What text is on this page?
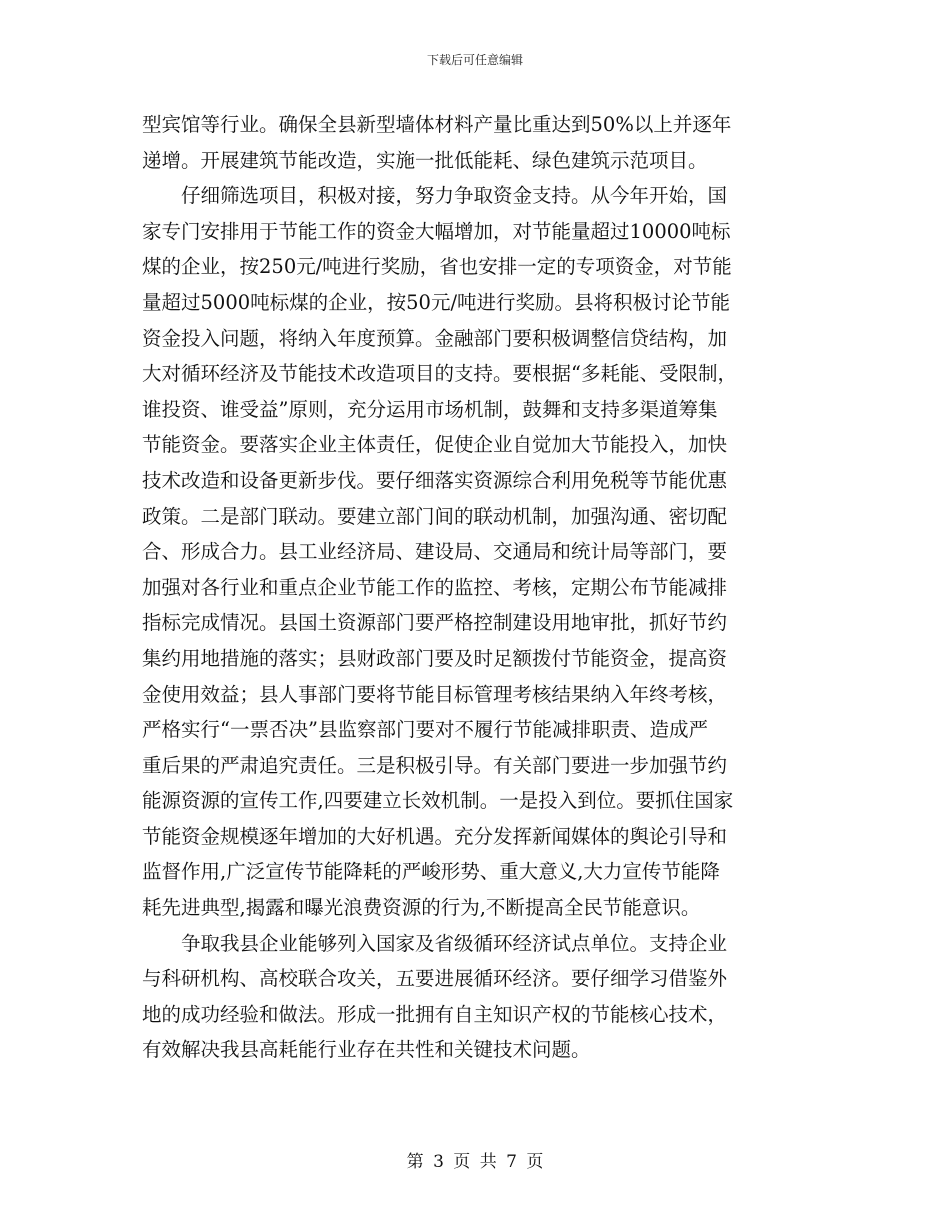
下载后可任意编辑
型宾馆等行业。确保全县新型墙体材料产量比重达到50%以上并逐年
递增。开展建筑节能改造，实施一批低能耗、绿色建筑示范项目。
仔细筛选项目，积极对接，努力争取资金支持。从今年开始，国
家专门安排用于节能工作的资金大幅增加，对节能量超过10000吨标
煤的企业，按250元/吨进行奖励，省也安排一定的专项资金，对节能
量超过5000吨标煤的企业，按50元/吨进行奖励。县将积极讨论节能
资金投入问题，将纳入年度预算。金融部门要积极调整信贷结构，加
大对循环经济及节能技术改造项目的支持。要根据“多耗能、受限制，
谁投资、谁受益”原则，充分运用市场机制，鼓舞和支持多渠道筹集
节能资金。要落实企业主体责任，促使企业自觉加大节能投入，加快
技术改造和设备更新步伐。要仔细落实资源综合利用免税等节能优惠
政策。二是部门联动。要建立部门间的联动机制，加强沟通、密切配
合、形成合力。县工业经济局、建设局、交通局和统计局等部门，要
加强对各行业和重点企业节能工作的监控、考核，定期公布节能减排
指标完成情况。县国土资源部门要严格控制建设用地审批，抓好节约
集约用地措施的落实；县财政部门要及时足额拨付节能资金，提高资
金使用效益；县人事部门要将节能目标管理考核结果纳入年终考核，
严格实行“一票否决”县监察部门要对不履行节能减排职责、造成严
重后果的严肃追究责任。三是积极引导。有关部门要进一步加强节约
能源资源的宣传工作,四要建立长效机制。一是投入到位。要抓住国家
节能资金规模逐年增加的大好机遇。充分发挥新闻媒体的舆论引导和
监督作用,广泛宣传节能降耗的严峻形势、重大意义,大力宣传节能降
耗先进典型,揭露和曝光浪费资源的行为,不断提高全民节能意识。
争取我县企业能够列入国家及省级循环经济试点单位。支持企业
与科研机构、高校联合攻关，五要进展循环经济。要仔细学习借鉴外
地的成功经验和做法。形成一批拥有自主知识产权的节能核心技术，
有效解决我县高耗能行业存在共性和关键技术问题。
第 3 页 共 7 页
